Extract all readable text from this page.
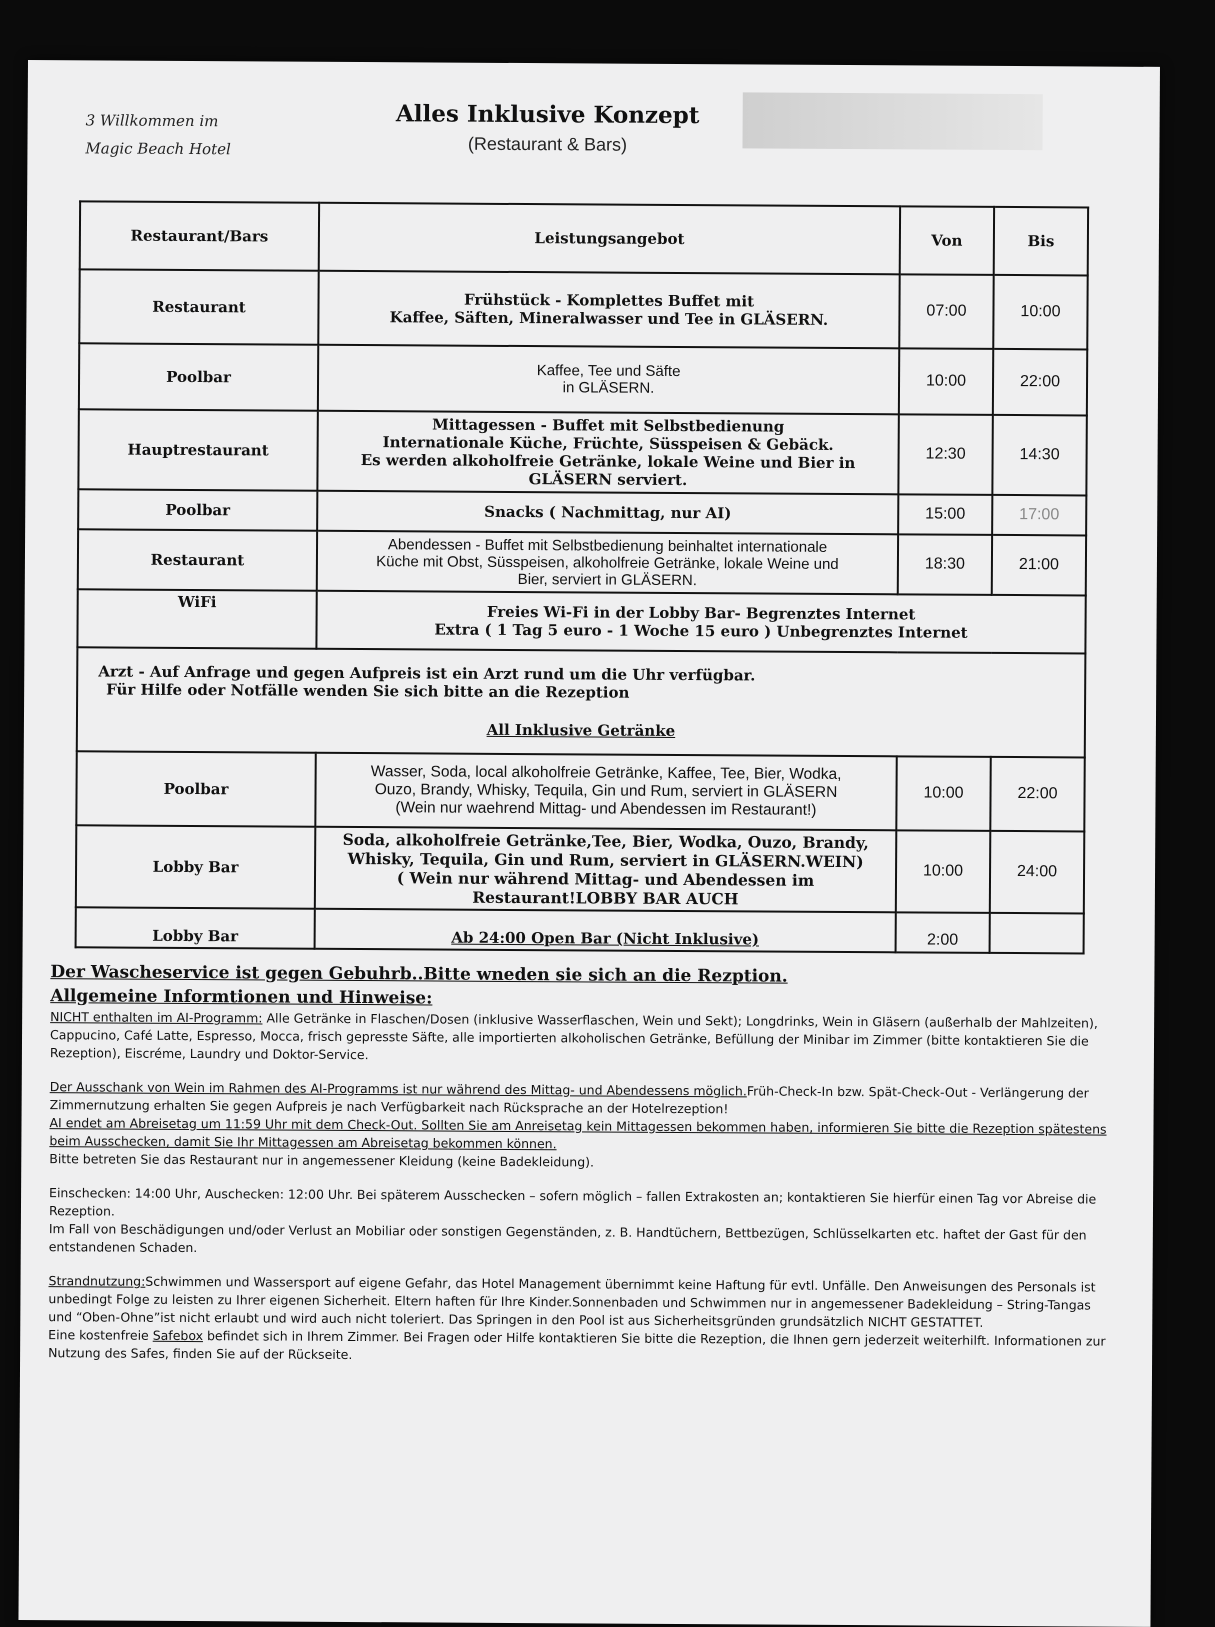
3 Willkommen im
Magic Beach Hotel
Alles Inklusive Konzept
(Restaurant & Bars)
Restaurant/Bars	Leistungsangebot	Von	Bis
Restaurant	Frühstück - Komplettes Buffet mit
Kaffee, Säften, Mineralwasser und Tee in GLÄSERN.	07:00	10:00
Poolbar	Kaffee, Tee und Säfte
in GLÄSERN.	10:00	22:00
Hauptrestaurant	Mittagessen - Buffet mit Selbstbedienung
Internationale Küche, Früchte, Süsspeisen & Gebäck.
Es werden alkoholfreie Getränke, lokale Weine und Bier in
GLÄSERN serviert.	12:30	14:30
Poolbar	Snacks ( Nachmittag, nur AI)	15:00	17:00
Restaurant	Abendessen - Buffet mit Selbstbedienung beinhaltet internationale
Küche mit Obst, Süsspeisen, alkoholfreie Getränke, lokale Weine und
Bier, serviert in GLÄSERN.	18:30	21:00
WiFi	Freies Wi-Fi in der Lobby Bar- Begrenztes Internet
Extra ( 1 Tag 5 euro - 1 Woche 15 euro ) Unbegrenztes Internet		

Arzt - Auf Anfrage und gegen Aufpreis ist ein Arzt rund um die Uhr verfügbar.
Für Hilfe oder Notfälle wenden Sie sich bitte an die Rezeption
All Inklusive Getränke			

Poolbar	Wasser, Soda, local alkoholfreie Getränke, Kaffee, Tee, Bier, Wodka,
Ouzo, Brandy, Whisky, Tequila, Gin und Rum, serviert in GLÄSERN
(Wein nur waehrend Mittag- und Abendessen im Restaurant!)	10:00	22:00
Lobby Bar	Soda, alkoholfreie Getränke,Tee, Bier, Wodka, Ouzo, Brandy,
Whisky, Tequila, Gin und Rum, serviert in GLÄSERN.WEIN)
( Wein nur während Mittag- und Abendessen im
Restaurant!LOBBY BAR AUCH	10:00	24:00
Lobby Bar	Ab 24:00 Open Bar (Nicht Inklusive)	2:00	
Der Wascheservice ist gegen Gebuhrb..Bitte wneden sie sich an die Rezption.
Allgemeine Informtionen und Hinweise:

NICHT enthalten im AI-Programm: Alle Getränke in Flaschen/Dosen (inklusive Wasserflaschen, Wein und Sekt); Longdrinks, Wein in Gläsern (außerhalb der Mahlzeiten), Cappucino, Café Latte, Espresso, Mocca, frisch gepresste Säfte, alle importierten alkoholischen Getränke, Befüllung der Minibar im Zimmer (bitte kontaktieren Sie die Rezeption), Eiscréme, Laundry und Doktor-Service.

Der Ausschank von Wein im Rahmen des AI-Programms ist nur während des Mittag- und Abendessens möglich.Früh-Check-In bzw. Spät-Check-Out - Verlängerung der Zimmernutzung erhalten Sie gegen Aufpreis je nach Verfügbarkeit nach Rücksprache an der Hotelrezeption!

AI endet am Abreisetag um 11:59 Uhr mit dem Check-Out. Sollten Sie am Anreisetag kein Mittagessen bekommen haben, informieren Sie bitte die Rezeption spätestens beim Ausschecken, damit Sie Ihr Mittagessen am Abreisetag bekommen können.

Bitte betreten Sie das Restaurant nur in angemessener Kleidung (keine Badekleidung).

Einschecken: 14:00 Uhr, Auschecken: 12:00 Uhr. Bei späterem Ausschecken – sofern möglich – fallen Extrakosten an; kontaktieren Sie hierfür einen Tag vor Abreise die Rezeption.

Im Fall von Beschädigungen und/oder Verlust an Mobiliar oder sonstigen Gegenständen, z. B. Handtüchern, Bettbezügen, Schlüsselkarten etc. haftet der Gast für den entstandenen Schaden.

Strandnutzung:Schwimmen und Wassersport auf eigene Gefahr, das Hotel Management übernimmt keine Haftung für evtl. Unfälle. Den Anweisungen des Personals ist unbedingt Folge zu leisten zu Ihrer eigenen Sicherheit. Eltern haften für Ihre Kinder.Sonnenbaden und Schwimmen nur in angemessener Badekleidung – String-Tangas und “Oben-Ohne”ist nicht erlaubt und wird auch nicht toleriert. Das Springen in den Pool ist aus Sicherheitsgründen grundsätzlich NICHT GESTATTET.
Eine kostenfreie Safebox befindet sich in Ihrem Zimmer. Bei Fragen oder Hilfe kontaktieren Sie bitte die Rezeption, die Ihnen gern jederzeit weiterhilft. Informationen zur Nutzung des Safes, finden Sie auf der Rückseite.
